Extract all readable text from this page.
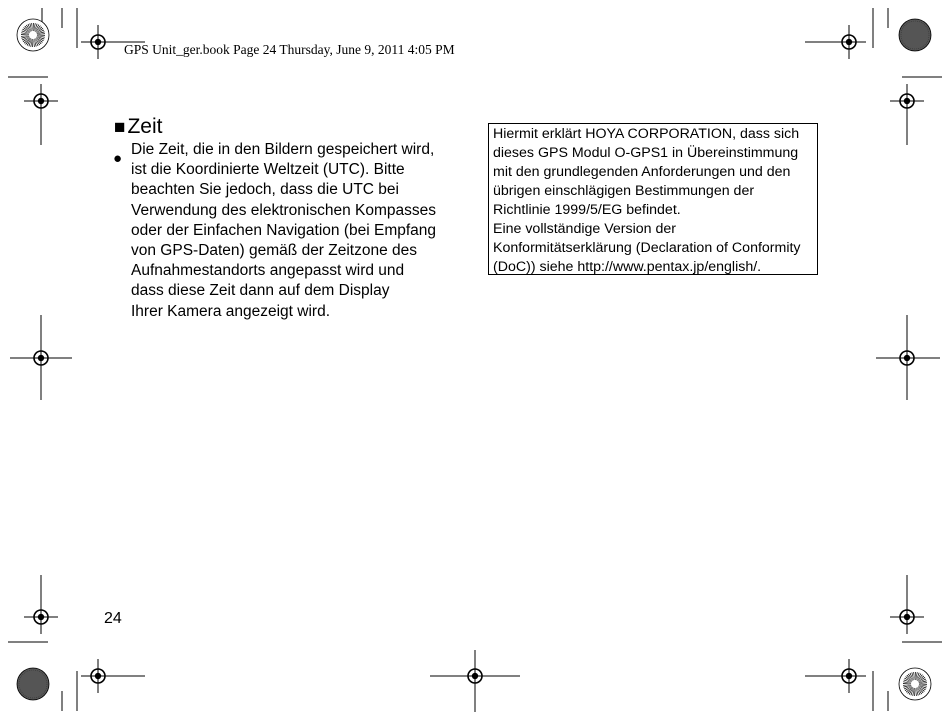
GPS Unit_ger.book Page 24 Thursday, June 9, 2011 4:05 PM
■Zeit
●
Die Zeit, die in den Bildern gespeichert wird,
ist die Koordinierte Weltzeit (UTC). Bitte
beachten Sie jedoch, dass die UTC bei
Verwendung des elektronischen Kompasses
oder der Einfachen Navigation (bei Empfang
von GPS-Daten) gemäß der Zeitzone des
Aufnahmestandorts angepasst wird und
dass diese Zeit dann auf dem Display
Ihrer Kamera angezeigt wird.
Hiermit erklärt HOYA CORPORATION, dass sich
dieses GPS Modul O-GPS1 in Übereinstimmung
mit den grundlegenden Anforderungen und den
übrigen einschlägigen Bestimmungen der
Richtlinie 1999/5/EG befindet.
Eine vollständige Version der
Konformitätserklärung (Declaration of Conformity
(DoC)) siehe http://www.pentax.jp/english/.
24
